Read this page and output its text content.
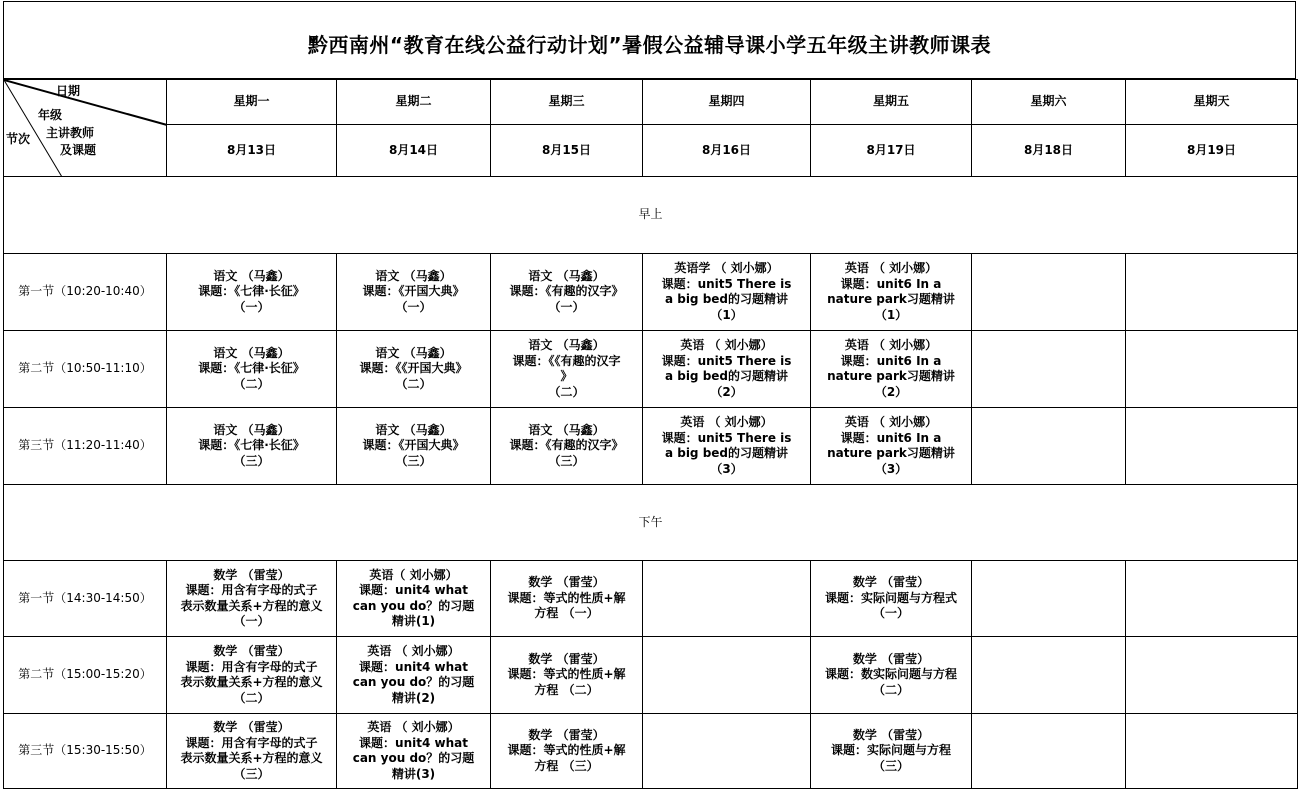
黔西南州“教育在线公益行动计划”暑假公益辅导课小学五年级主讲教师课表
日期
年级
主讲教师
及课题
节次	星期一	星期二	星期三	星期四	星期五	星期六	星期天
	8月13日	8月14日	8月15日	8月16日	8月17日	8月18日	8月19日
早上							
第一节（10:20-10:40）	语文 （马鑫）
课题：《七律·长征》
（一）	语文 （马鑫）
课题：《开国大典》
（一）	语文 （马鑫）
课题：《有趣的汉字》
（一）	英语学 （ 刘小娜）
课题：unit5 There is
a big bed的习题精讲
（1）	英语 （ 刘小娜）
课题：unit6 In a
nature park习题精讲
（1）		
第二节（10:50-11:10）	语文 （马鑫）
课题：《七律·长征》
（二）	语文 （马鑫）
课题：《《开国大典》
（二）	语文 （马鑫）
课题：《《有趣的汉字
》
（二）	英语 （ 刘小娜）
课题：unit5 There is
a big bed的习题精讲
（2）	英语 （ 刘小娜）
课题：unit6 In a
nature park习题精讲
（2）		
第三节（11:20-11:40）	语文 （马鑫）
课题：《七律·长征》
（三）	语文 （马鑫）
课题：《开国大典》
（三）	语文 （马鑫）
课题：《有趣的汉字》
（三）	英语 （ 刘小娜）
课题：unit5 There is
a big bed的习题精讲
（3）	英语 （ 刘小娜）
课题：unit6 In a
nature park习题精讲
（3）		
下午							
第一节（14:30-14:50）	数学 （雷莹）
课题：用含有字母的式子
表示数量关系+方程的意义
（一）	英语（ 刘小娜）
课题：unit4 what
can you do？的习题
精讲(1)	数学 （雷莹）
课题：等式的性质+解
方程 （一）		数学 （雷莹）
课题：实际问题与方程式
（一）		
第二节（15:00-15:20）	数学 （雷莹）
课题：用含有字母的式子
表示数量关系+方程的意义
（二）	英语 （ 刘小娜）
课题：unit4 what
can you do？的习题
精讲(2)	数学 （雷莹）
课题：等式的性质+解
方程 （二）		数学 （雷莹）
课题：数实际问题与方程
（二）		
第三节（15:30-15:50）	数学 （雷莹）
课题：用含有字母的式子
表示数量关系+方程的意义
（三）	英语 （ 刘小娜）
课题：unit4 what
can you do？的习题
精讲(3)	数学 （雷莹）
课题：等式的性质+解
方程 （三）		数学 （雷莹）
课题：实际问题与方程
（三）		
